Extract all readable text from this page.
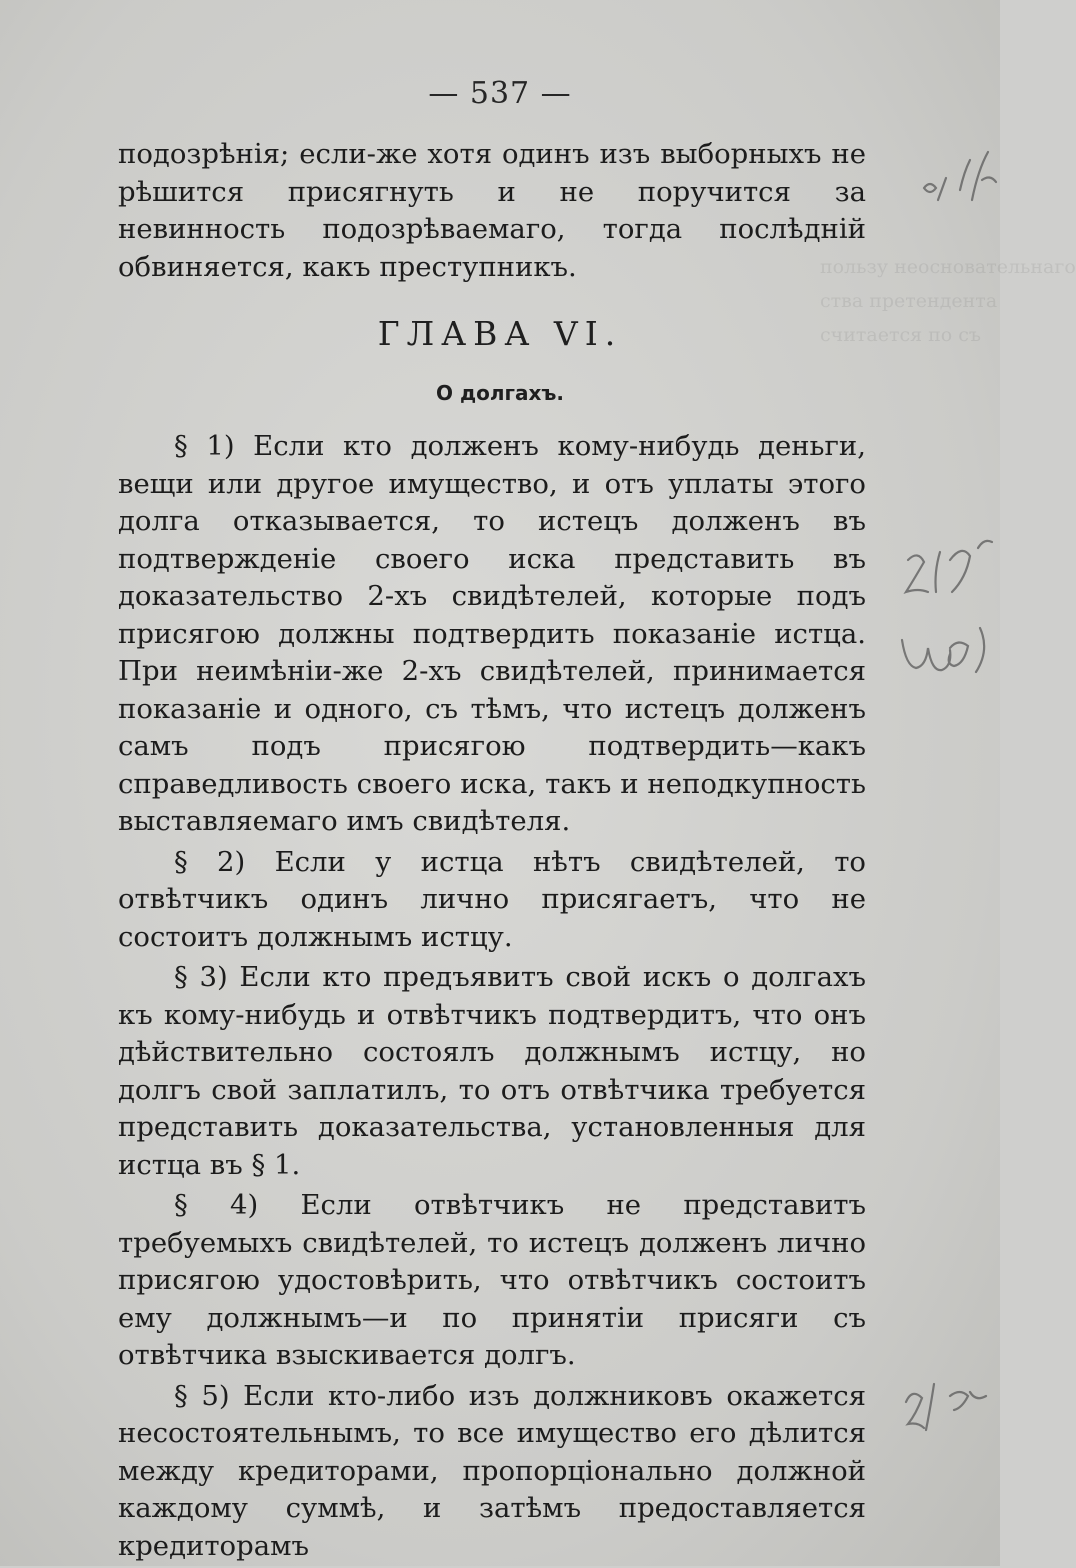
пользу неосновательнаго
ства претендента
считается по съ
— 537 —
подозрѣнія; если-же хотя одинъ изъ выборныхъ не рѣшится присягнуть и не поручится за невинность подозрѣваемаго, тогда послѣдній обвиняется, какъ преступникъ.
ГЛАВА VI.
О долгахъ.

§ 1) Если кто долженъ кому-нибудь деньги, вещи или другое имущество, и отъ уплаты этого долга отказывается, то истецъ долженъ въ подтвержденіе своего иска представить въ доказательство 2-хъ свидѣтелей, которые подъ присягою должны подтвердить показаніе истца. При неимѣніи-же 2-хъ свидѣтелей, принимается показаніе и одного, съ тѣмъ, что истецъ долженъ самъ подъ присягою подтвердить—какъ справедливость своего иска, такъ и неподкупность выставляемаго имъ свидѣтеля.

§ 2) Если у истца нѣтъ свидѣтелей, то отвѣтчикъ одинъ лично присягаетъ, что не состоитъ должнымъ истцу.

§ 3) Если кто предъявитъ свой искъ о долгахъ къ кому-нибудь и отвѣтчикъ подтвердитъ, что онъ дѣйствительно состоялъ должнымъ истцу, но долгъ свой заплатилъ, то отъ отвѣтчика требуется представить доказательства, установленныя для истца въ § 1.

§ 4) Если отвѣтчикъ не представитъ требуемыхъ свидѣтелей, то истецъ долженъ лично присягою удостовѣрить, что отвѣтчикъ состоитъ ему должнымъ—и по принятіи присяги съ отвѣтчика взыскивается долгъ.

§ 5) Если кто-либо изъ должниковъ окажется несостоятельнымъ, то все имущество его дѣлится между кредиторами, пропорціонально должной каждому суммѣ, и затѣмъ предоставляется кредиторамъ
